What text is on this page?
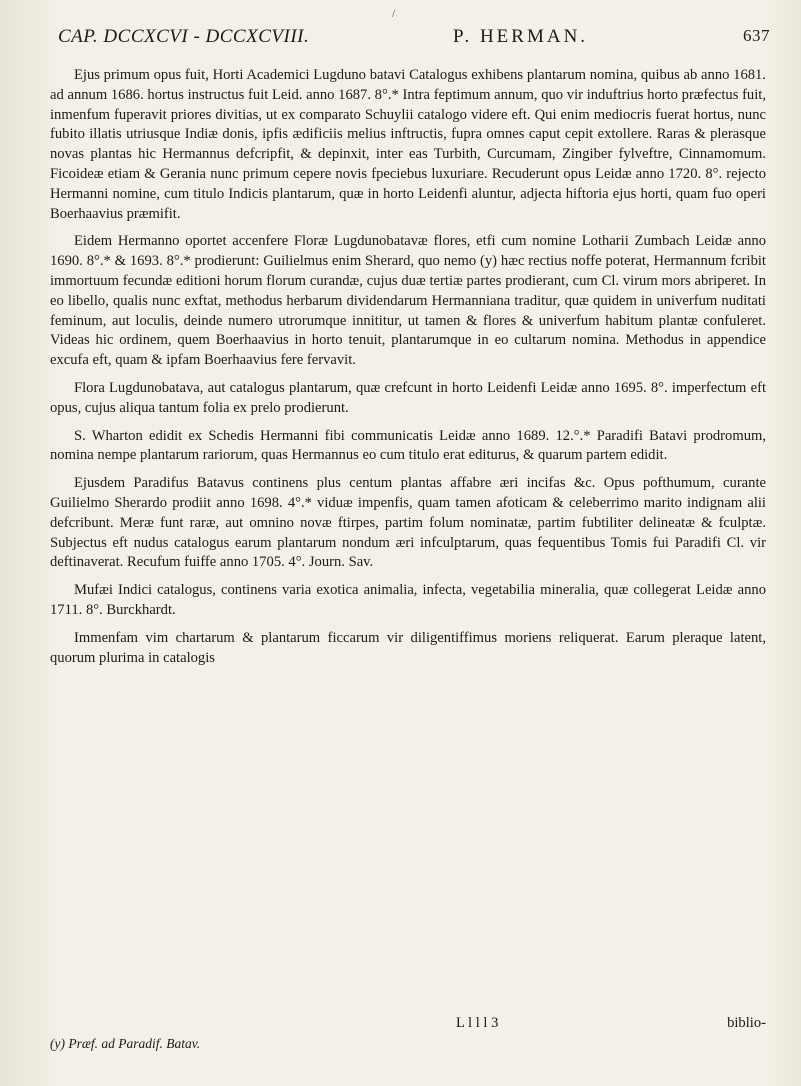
/
CAP. DCCXCVI - DCCXCVIII.	P. HERMAN.	637

Ejus primum opus fuit, Horti Academici Lugduno batavi Catalogus exhibens plantarum nomina, quibus ab anno 1681. ad annum 1686. hortus instructus fuit Leid. anno 1687. 8°.* Intra feptimum annum, quo vir induftrius horto præfectus fuit, inmenfum fuperavit priores divitias, ut ex comparato Schuylii catalogo videre eft. Qui enim mediocris fuerat hortus, nunc fubito illatis utriusque Indiæ donis, ipfis ædificiis melius inftructis, fupra omnes caput cepit extollere. Raras & plerasque novas plantas hic Hermannus defcripfit, & depinxit, inter eas Turbith, Curcumam, Zingiber fylveftre, Cinnamomum. Ficoideæ etiam & Gerania nunc primum cepere novis fpeciebus luxuriare. Recuderunt opus Leidæ anno 1720. 8°. rejecto Hermanni nomine, cum titulo Indicis plantarum, quæ in horto Leidenfi aluntur, adjecta hiftoria ejus horti, quam fuo operi Boerhaavius præmifit.

Eidem Hermanno oportet accenfere Floræ Lugdunobatavæ flores, etfi cum nomine Lotharii Zumbach Leidæ anno 1690. 8°.* & 1693. 8°.* prodierunt: Guilielmus enim Sherard, quo nemo (y) hæc rectius noffe poterat, Hermannum fcribit immortuum fecundæ editioni horum florum curandæ, cujus duæ tertiæ partes prodierant, cum Cl. virum mors abriperet. In eo libello, qualis nunc exftat, methodus herbarum dividendarum Hermanniana traditur, quæ quidem in univerfum nuditati feminum, aut loculis, deinde numero utrorumque innititur, ut tamen & flores & univerfum habitum plantæ confuleret. Videas hic ordinem, quem Boerhaavius in horto tenuit, plantarumque in eo cultarum nomina. Methodus in appendice excufa eft, quam & ipfam Boerhaavius fere fervavit.

Flora Lugdunobatava, aut catalogus plantarum, quæ crefcunt in horto Leidenfi Leidæ anno 1695. 8°. imperfectum eft opus, cujus aliqua tantum folia ex prelo prodierunt.

S. Wharton edidit ex Schedis Hermanni fibi communicatis Leidæ anno 1689. 12.°.* Paradifi Batavi prodromum, nomina nempe plantarum rariorum, quas Hermannus eo cum titulo erat editurus, & quarum partem edidit.

Ejusdem Paradifus Batavus continens plus centum plantas affabre æri incifas &c. Opus pofthumum, curante Guilielmo Sherardo prodiit anno 1698. 4°.* viduæ impenfis, quam tamen afoticam & celeberrimo marito indignam alii defcribunt. Meræ funt raræ, aut omnino novæ ftirpes, partim folum nominatæ, partim fubtiliter delineatæ & fculptæ. Subjectus eft nudus catalogus earum plantarum nondum æri infculptarum, quas fequentibus Tomis fui Paradifi Cl. vir deftinaverat. Recufum fuiffe anno 1705. 4°. Journ. Sav.

Mufæi Indici catalogus, continens varia exotica animalia, infecta, vegetabilia mineralia, quæ collegerat Leidæ anno 1711. 8°. Burckhardt.

Immenfam vim chartarum & plantarum ficcarum vir diligentiffimus moriens reliquerat. Earum pleraque latent, quorum plurima in catalogis

L l l l 3	biblio-
(y) Præf. ad Paradif. Batav.
